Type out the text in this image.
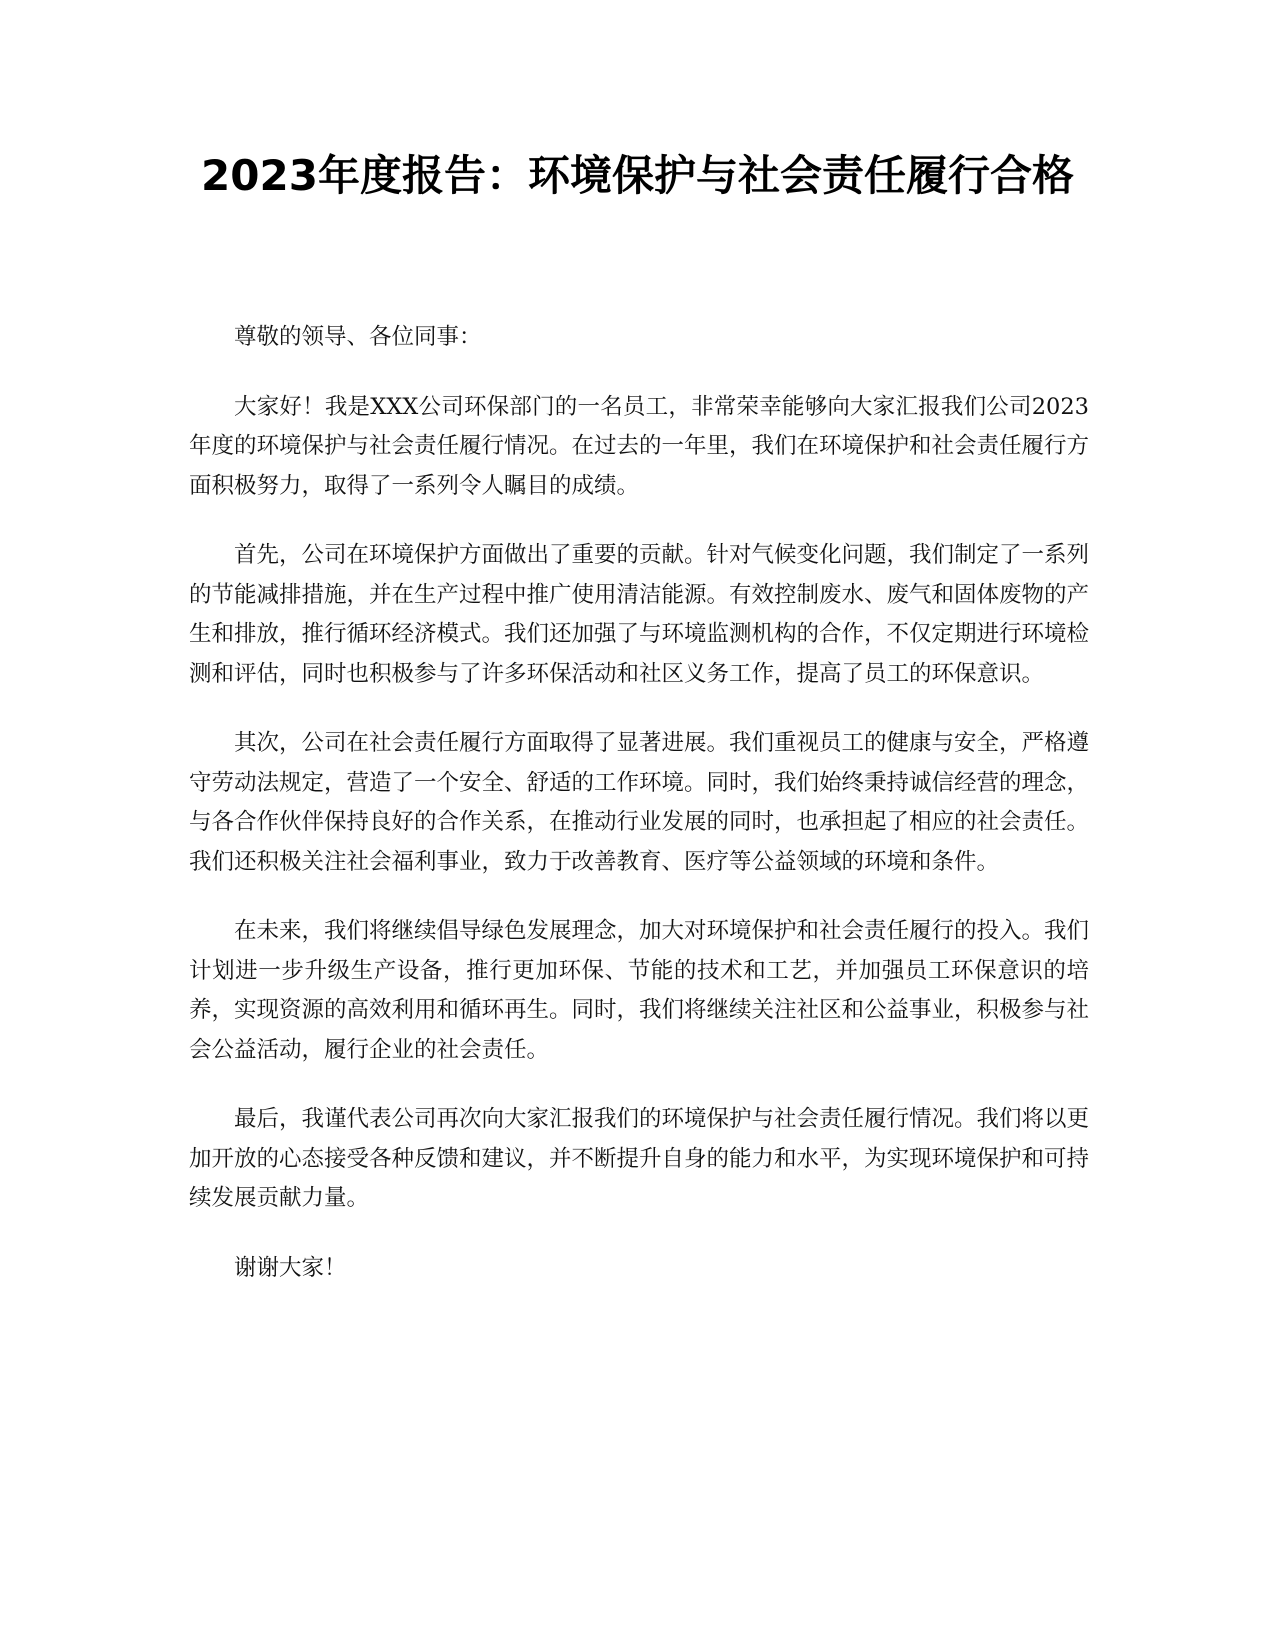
2023年度报告：环境保护与社会责任履行合格

尊敬的领导、各位同事：

大家好！我是XXX公司环保部门的一名员工，非常荣幸能够向大家汇报我们公司2023年度的环境保护与社会责任履行情况。在过去的一年里，我们在环境保护和社会责任履行方面积极努力，取得了一系列令人瞩目的成绩。

首先，公司在环境保护方面做出了重要的贡献。针对气候变化问题，我们制定了一系列的节能减排措施，并在生产过程中推广使用清洁能源。有效控制废水、废气和固体废物的产生和排放，推行循环经济模式。我们还加强了与环境监测机构的合作，不仅定期进行环境检测和评估，同时也积极参与了许多环保活动和社区义务工作，提高了员工的环保意识。

其次，公司在社会责任履行方面取得了显著进展。我们重视员工的健康与安全，严格遵守劳动法规定，营造了一个安全、舒适的工作环境。同时，我们始终秉持诚信经营的理念，与各合作伙伴保持良好的合作关系，在推动行业发展的同时，也承担起了相应的社会责任。我们还积极关注社会福利事业，致力于改善教育、医疗等公益领域的环境和条件。

在未来，我们将继续倡导绿色发展理念，加大对环境保护和社会责任履行的投入。我们计划进一步升级生产设备，推行更加环保、节能的技术和工艺，并加强员工环保意识的培养，实现资源的高效利用和循环再生。同时，我们将继续关注社区和公益事业，积极参与社会公益活动，履行企业的社会责任。

最后，我谨代表公司再次向大家汇报我们的环境保护与社会责任履行情况。我们将以更加开放的心态接受各种反馈和建议，并不断提升自身的能力和水平，为实现环境保护和可持续发展贡献力量。

谢谢大家！
